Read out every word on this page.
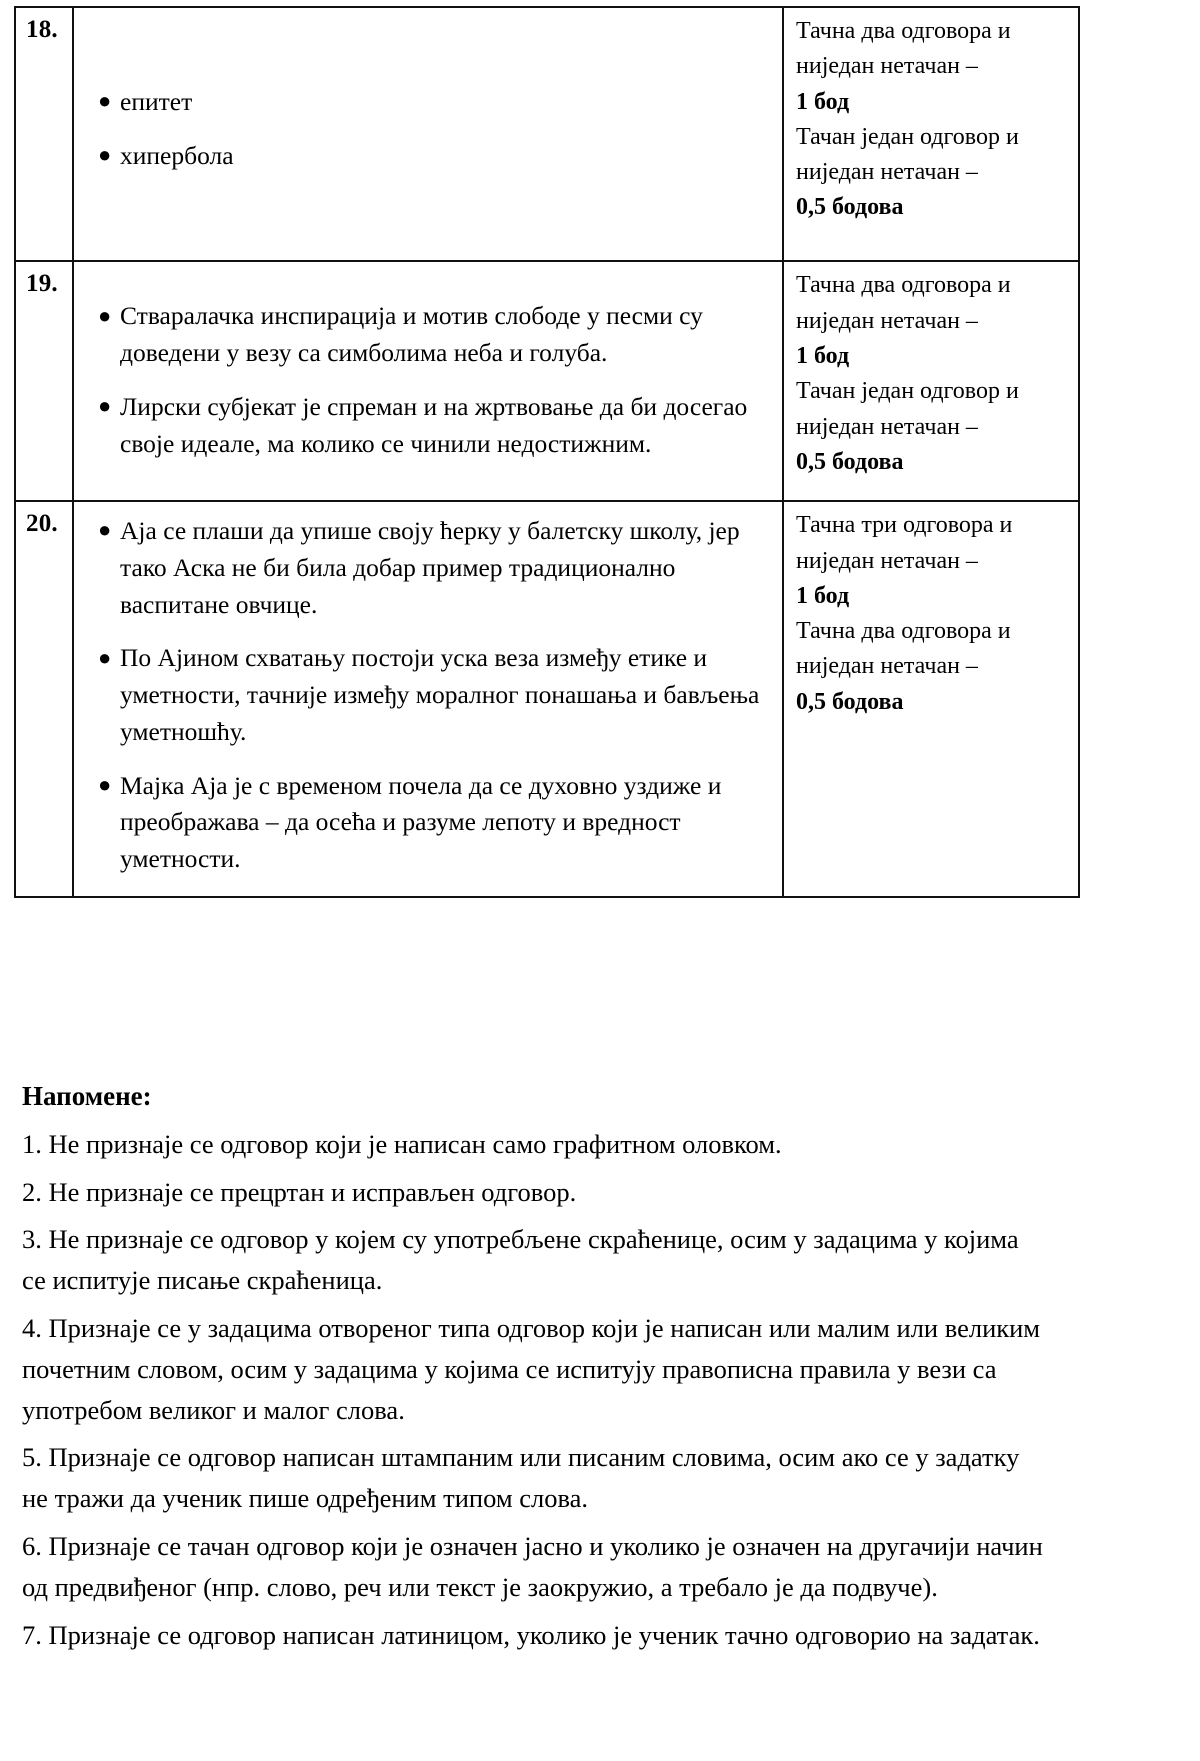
18.

● епитет
● хипербола

Тачна два одговора и
ниједан нетачан –
1 бод
Тачан један одговор и
ниједан нетачан –
0,5 бодова

19.

● Стваралачка инспирација и мотив слободе у песми су доведени у везу са симболима неба и голуба.
● Лирски субјекат је спреман и на жртвовање да би досегао своје идеале, ма колико се чинили недостижним.

Тачна два одговора и
ниједан нетачан –
1 бод
Тачан један одговор и
ниједан нетачан –
0,5 бодова

20.	● Аја се плаши да упише своју ћерку у балетску школу, јер тако Аска не би била добар пример традиционално васпитане овчице.
● По Ајином схватању постоји уска веза између етике и уметности, тачније између моралног понашања и бављења уметношћу.
● Мајка Аја је с временом почела да се духовно уздиже и преображава – да осећа и разуме лепоту и вредност уметности.

Тачна три одговора и
ниједан нетачан –
1 бод
Тачна два одговора и
ниједан нетачан –
0,5 бодова
Напомене:
1. Не признаје се одговор који је написан само графитном оловком.
2. Не признаје се прецртан и исправљен одговор.
3. Не признаје се одговор у којем су употребљене скраћенице, осим у задацима у којима се испитује писање скраћеница.
4. Признаје се у задацима отвореног типа одговор који је написан или малим или великим почетним словом, осим у задацима у којима се испитују правописна правила у вези са употребом великог и малог слова.
5. Признаје се одговор написан штампаним или писаним словима, осим ако се у задатку не тражи да ученик пише одређеним типом слова.
6. Признаје се тачан одговор који је означен јасно и уколико је означен на другачији начин од предвиђеног (нпр. слово, реч или текст је заокружио, а требало је да подвуче).
7. Признаје се одговор написан латиницом, уколико је ученик тачно одговорио на задатак.
